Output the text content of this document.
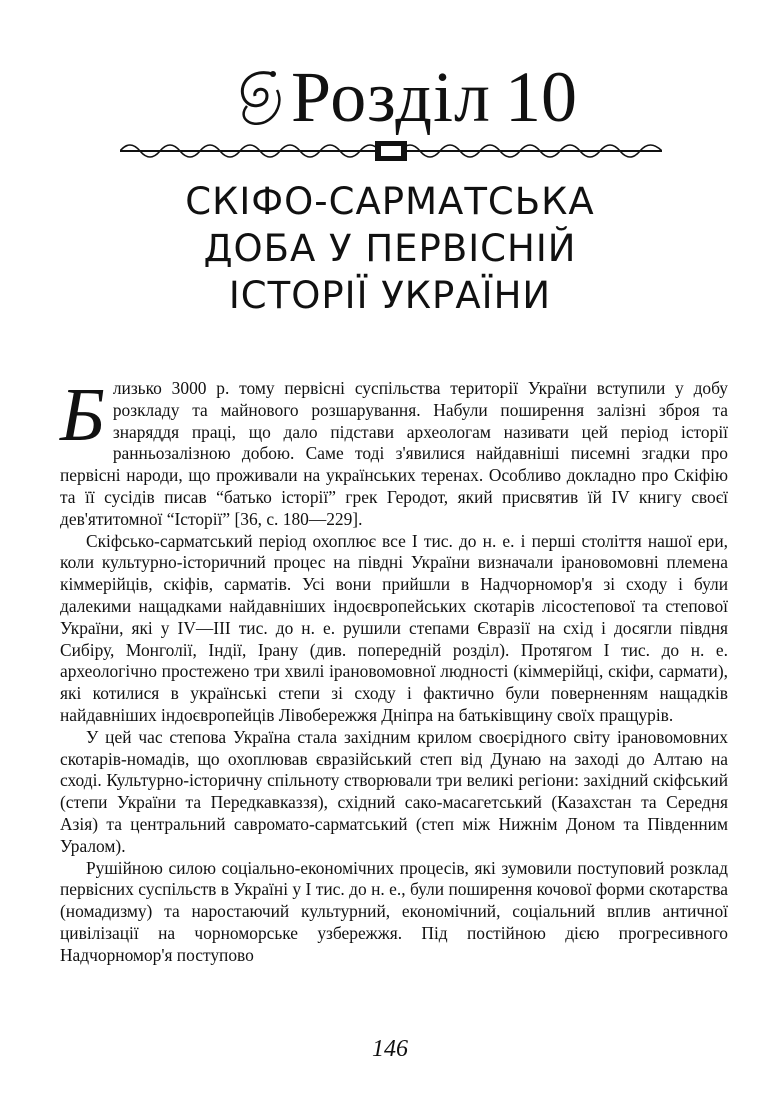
Розділ 10
СКІФО-САРМАТСЬКА
ДОБА У ПЕРВІСНІЙ
ІСТОРІЇ УКРАЇНИ

Близько 3000 р. тому первісні суспільства території України вступили у добу розкладу та майнового розшарування. Набули поширення залізні зброя та знаряддя праці, що дало підстави археологам називати цей період історії ранньозалізною добою. Саме тоді з'явилися найдавніші писемні згадки про первісні народи, що проживали на українських теренах. Особливо докладно про Скіфію та її сусідів писав “батько історії” грек Геродот, який присвятив їй IV книгу своєї дев'ятитомної “Історії” [36, с. 180—229].

Скіфсько-сарматський період охоплює все I тис. до н. е. і перші століття нашої ери, коли культурно-історичний процес на півдні України визначали ірановомовні племена кіммерійців, скіфів, сарматів. Усі вони прийшли в Надчорномор'я зі сходу і були далекими нащадками найдавніших індоєвропейських скотарів лісостепової та степової України, які у IV—III тис. до н. е. рушили степами Євразії на схід і досягли півдня Сибіру, Монголії, Індії, Ірану (див. попередній розділ). Протягом I тис. до н. е. археологічно простежено три хвилі ірановомовної людності (кіммерійці, скіфи, сармати), які котилися в українські степи зі сходу і фактично були поверненням нащадків найдавніших індоєвропейців Лівобережжя Дніпра на батьківщину своїх пращурів.

У цей час степова Україна стала західним крилом своєрідного світу ірановомовних скотарів-номадів, що охоплював євразійський степ від Дунаю на заході до Алтаю на сході. Культурно-історичну спільноту створювали три великі регіони: західний скіфський (степи України та Передкавказзя), східний сако-масагетський (Казахстан та Середня Азія) та центральний савромато-сарматський (степ між Нижнім Доном та Південним Уралом).

Рушійною силою соціально-економічних процесів, які зумовили поступовий розклад первісних суспільств в Україні у I тис. до н. е., були поширення кочової форми скотарства (номадизму) та наростаючий культурний, економічний, соціальний вплив античної цивілізації на чорноморське узбережжя. Під постійною дією прогресивного Надчорномор'я поступово

146
